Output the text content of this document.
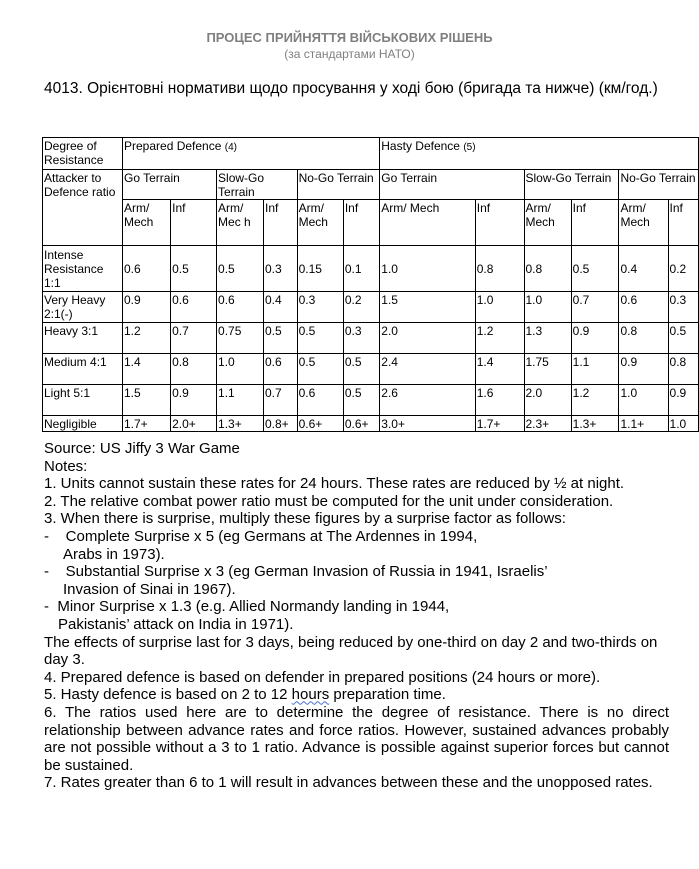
ПРОЦЕС ПРИЙНЯТТЯ ВІЙСЬКОВИХ РІШЕНЬ
(за стандартами НАТО)
4013. Орієнтовні нормативи щодо просування у ході бою (бригада та нижче) (км/год.)
Degree of Resistance	Prepared Defence (4)						Hasty Defence (5)					
Attacker to Defence ratio	Go Terrain		Slow-Go Terrain		No-Go Terrain		Go Terrain		Slow-Go Terrain		No-Go Terrain	
	Arm/ Mech	Inf	Arm/ Mec h	Inf	Arm/ Mech	Inf	Arm/ Mech	Inf	Arm/ Mech	Inf	Arm/ Mech	Inf
Intense Resistance 1:1	0.6	0.5	0.5	0.3	0.15	0.1	1.0	0.8	0.8	0.5	0.4	0.2
Very Heavy 2:1(-)	0.9	0.6	0.6	0.4	0.3	0.2	1.5	1.0	1.0	0.7	0.6	0.3
Heavy 3:1	1.2	0.7	0.75	0.5	0.5	0.3	2.0	1.2	1.3	0.9	0.8	0.5
Medium 4:1	1.4	0.8	1.0	0.6	0.5	0.5	2.4	1.4	1.75	1.1	0.9	0.8
Light 5:1	1.5	0.9	1.1	0.7	0.6	0.5	2.6	1.6	2.0	1.2	1.0	0.9
Negligible	1.7+	2.0+	1.3+	0.8+	0.6+	0.6+	3.0+	1.7+	2.3+	1.3+	1.1+	1.0

Source: US Jiffy 3 War Game

Notes:

1. Units cannot sustain these rates for 24 hours. These rates are reduced by ½ at night.

2. The relative combat power ratio must be computed for the unit under consideration.

3. When there is surprise, multiply these figures by a surprise factor as follows:

-    Complete Surprise x 5 (eg Germans at The Ardennes in 1994,

Arabs in 1973).

-    Substantial Surprise x 3 (eg German Invasion of Russia in 1941, Israelis’

Invasion of Sinai in 1967).

-  Minor Surprise x 1.3 (e.g. Allied Normandy landing in 1944,

Pakistanis’ attack on India in 1971).

The effects of surprise last for 3 days, being reduced by one-third on day 2 and two-thirds on day 3.

4. Prepared defence is based on defender in prepared positions (24 hours or more).

5. Hasty defence is based on 2 to 12 hours preparation time.

6. The ratios used here are to determine the degree of resistance. There is no direct relationship between advance rates and force ratios. However, sustained advances probably are not possible without a 3 to 1 ratio. Advance is possible against superior forces but cannot be sustained.

7. Rates greater than 6 to 1 will result in advances between these and the unopposed rates.
